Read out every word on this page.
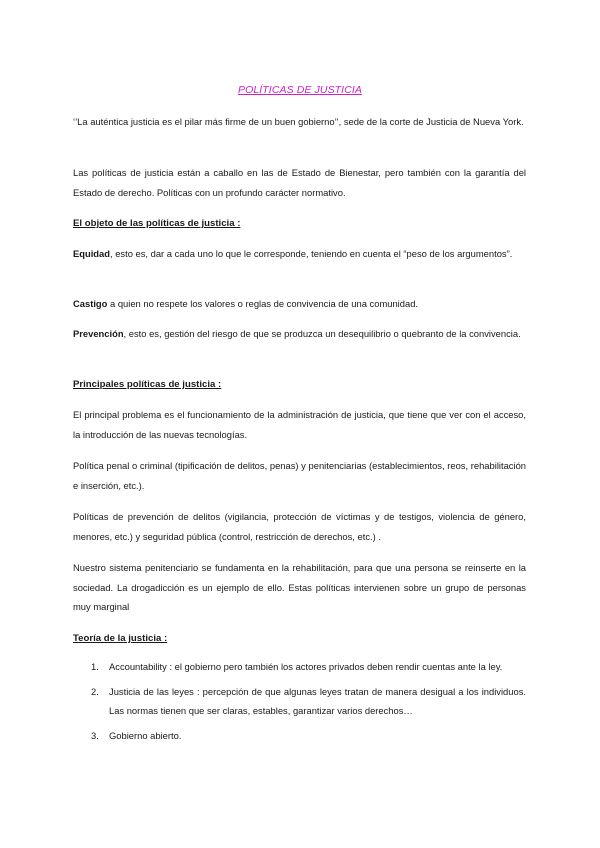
POLÍTICAS DE JUSTICIA
‘’La auténtica justicia es el pilar más firme de un buen gobierno’’, sede de la corte de Justicia de Nueva York.
Las políticas de justicia están a caballo en las de Estado de Bienestar, pero también con la garantía del Estado de derecho. Políticas con un profundo carácter normativo.
El objeto de las políticas de justicia :
Equidad, esto es, dar a cada uno lo que le corresponde, teniendo en cuenta el “peso de los argumentos”.
Castigo a quien no respete los valores o reglas de convivencia de una comunidad.
Prevención, esto es, gestión del riesgo de que se produzca un desequilibrio o quebranto de la convivencia.
Principales políticas de justicia :
El principal problema es el funcionamiento de la administración de justicia, que tiene que ver con el acceso, la introducción de las nuevas tecnologías.
Política penal o criminal (tipificación de delitos, penas) y penitenciarias (establecimientos, reos, rehabilitación e inserción, etc.).
Políticas de prevención de delitos (vigilancia, protección de víctimas y de testigos, violencia de género, menores, etc.) y seguridad pública (control, restricción de derechos, etc.) .
Nuestro sistema penitenciario se fundamenta en la rehabilitación, para que una persona se reinserte en la sociedad. La drogadicción es un ejemplo de ello. Estas políticas intervienen sobre un grupo de personas muy marginal
Teoría de la justicia :
1. Accountability : el gobierno pero también los actores privados deben rendir cuentas ante la ley.
2. Justicia de las leyes : percepción de que algunas leyes tratan de manera desigual a los individuos. Las normas tienen que ser claras, estables, garantizar varios derechos…
3. Gobierno abierto.
